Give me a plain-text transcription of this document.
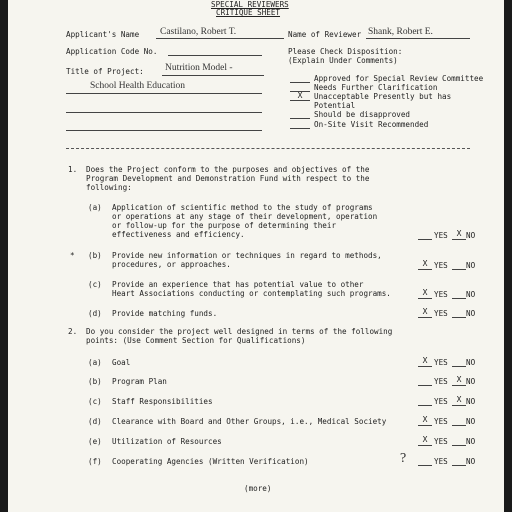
SPECIAL REVIEWERS
CRITIQUE SHEET
Applicant's Name Castilano, Robert T.
Application Code No.
Title of Project: Nutrition Model -
School Health Education
Name of Reviewer Shank, Robert E.
Please Check Disposition:
(Explain Under Comments)
Approved for Special Review Committee
Needs Further Clarification
X	Unacceptable Presently but has
Potential
Should be disapproved
On-Site Visit Recommended
1. Does the Project conform to the purposes and objectives of the
Program Development and Demonstration Fund with respect to the
following:
(a) Application of scientific method to the study of programs
or operations at any stage of their development, operation
or follow-up for the purpose of determining their
effectiveness and efficiency.	YES	X NO
* (b) Provide new information or techniques in regard to methods,
procedures, or approaches.	X YES NO
(c) Provide an experience that has potential value to other
Heart Associations conducting or contemplating such programs.	X YES NO
(d) Provide matching funds.	X YES NO
2. Do you consider the project well designed in terms of the following
points: (Use Comment Section for Qualifications)
(a) Goal	X YES NO
(b) Program Plan	YES	X NO
(c) Staff Responsibilities	YES	X NO
(d) Clearance with Board and Other Groups, i.e., Medical Society	X YES NO
(e) Utilization of Resources	X YES NO
(f) Cooperating Agencies (Written Verification)	?	YES NO
(more)
